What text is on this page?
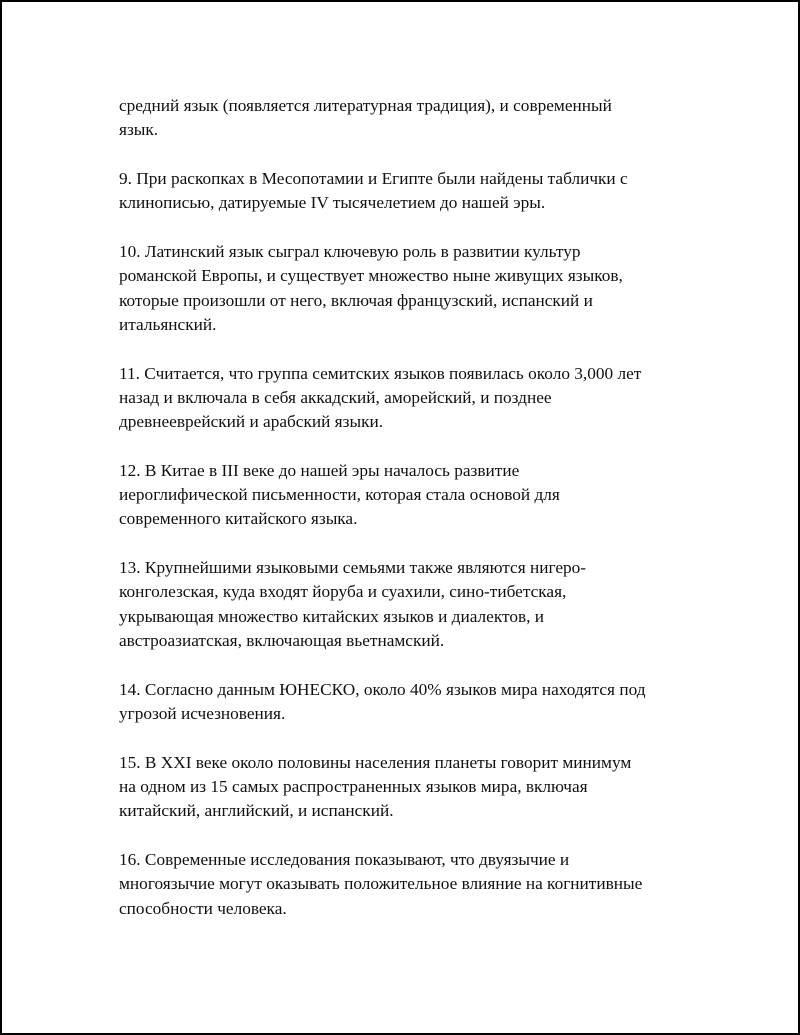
средний язык (появляется литературная традиция), и современный
язык.

9. При раскопках в Месопотамии и Египте были найдены таблички с
клинописью, датируемые IV тысячелетием до нашей эры.

10. Латинский язык сыграл ключевую роль в развитии культур
романской Европы, и существует множество ныне живущих языков,
которые произошли от него, включая французский, испанский и
итальянский.

11. Считается, что группа семитских языков появилась около 3,000 лет
назад и включала в себя аккадский, аморейский, и позднее
древнееврейский и арабский языки.

12. В Китае в III веке до нашей эры началось развитие
иероглифической письменности, которая стала основой для
современного китайского языка.

13. Крупнейшими языковыми семьями также являются нигеро-
конголезская, куда входят йоруба и суахили, сино-тибетская,
укрывающая множество китайских языков и диалектов, и
австроазиатская, включающая вьетнамский.

14. Согласно данным ЮНЕСКО, около 40% языков мира находятся под
угрозой исчезновения.

15. В XXI веке около половины населения планеты говорит минимум
на одном из 15 самых распространенных языков мира, включая
китайский, английский, и испанский.

16. Современные исследования показывают, что двуязычие и
многоязычие могут оказывать положительное влияние на когнитивные
способности человека.
